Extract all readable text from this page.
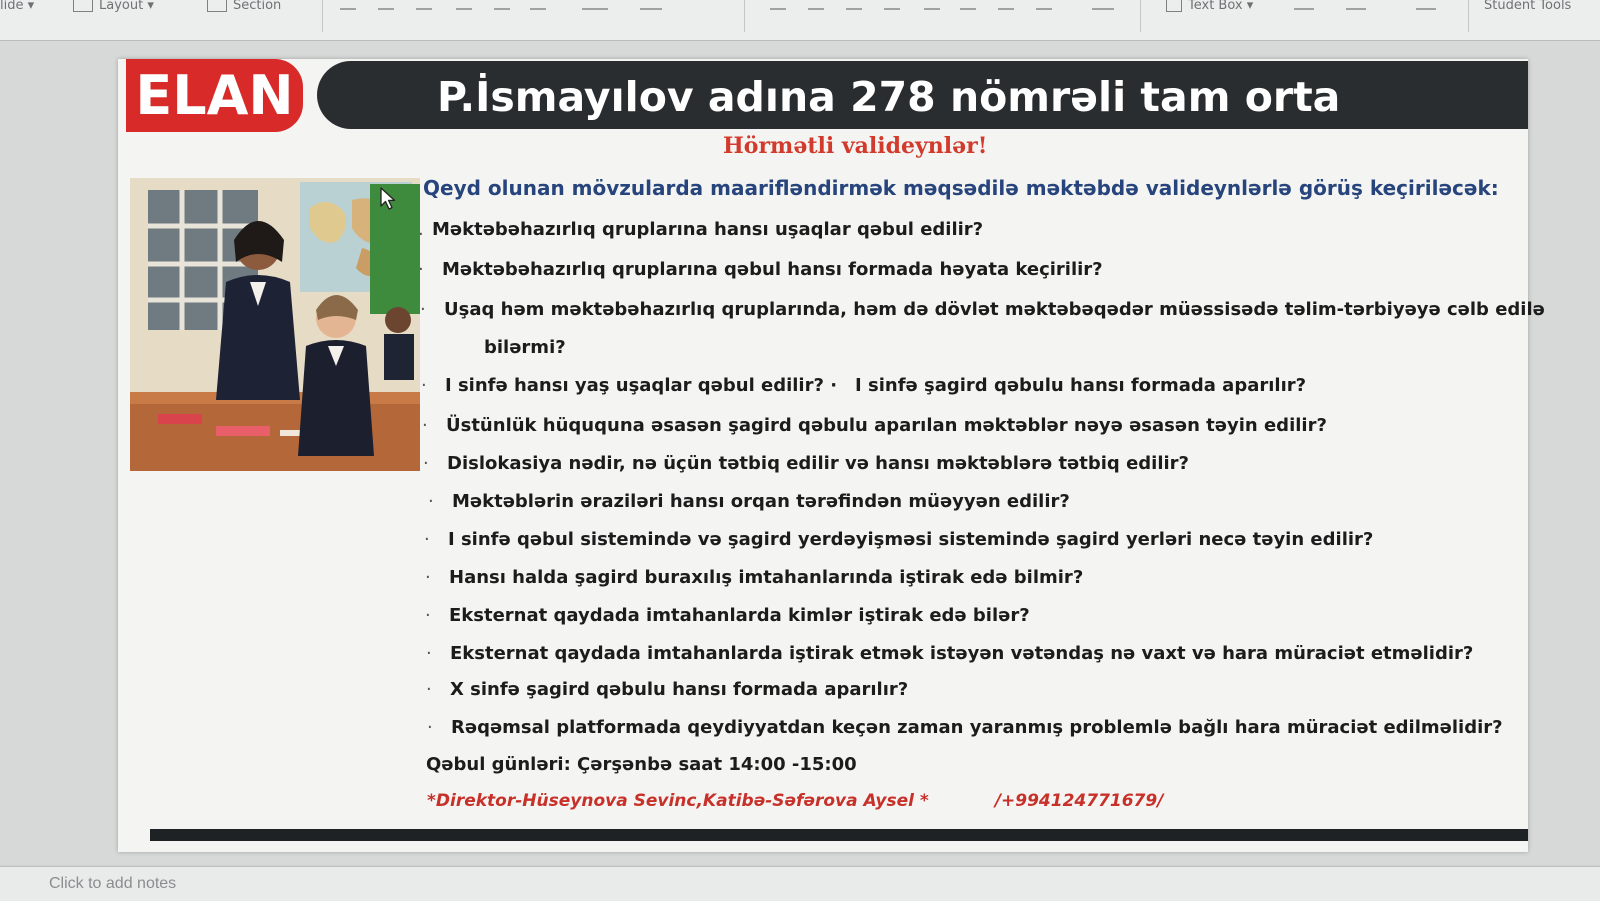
lide ▾	Layout ▾	Section	Text Box ▾	Student Tools
ELAN	P.İsmayılov adına 278 nömrəli tam orta
Hörmətli valideynlər!
Qeyd olunan mövzularda maarifləndirmək məqsədilə məktəbdə valideynlərlə görüş keçiriləcək:
. Məktəbəhazırlıq qruplarına hansı uşaqlar qəbul edilir?
· Məktəbəhazırlıq qruplarına qəbul hansı formada həyata keçirilir?
· Uşaq həm məktəbəhazırlıq qruplarında, həm də dövlət məktəbəqədər müəssisədə təlim-tərbiyəyə cəlb edilə
bilərmi?
· I sinfə hansı yaş uşaqlar qəbul edilir? · I sinfə şagird qəbulu hansı formada aparılır?
· Üstünlük hüququna əsasən şagird qəbulu aparılan məktəblər nəyə əsasən təyin edilir?
· Dislokasiya nədir, nə üçün tətbiq edilir və hansı məktəblərə tətbiq edilir?
· Məktəblərin əraziləri hansı orqan tərəfindən müəyyən edilir?
· I sinfə qəbul sistemində və şagird yerdəyişməsi sistemində şagird yerləri necə təyin edilir?
· Hansı halda şagird buraxılış imtahanlarında iştirak edə bilmir?
· Eksternat qaydada imtahanlarda kimlər iştirak edə bilər?
· Eksternat qaydada imtahanlarda iştirak etmək istəyən vətəndaş nə vaxt və hara müraciət etməlidir?
· X sinfə şagird qəbulu hansı formada aparılır?
· Rəqəmsal platformada qeydiyyatdan keçən zaman yaranmış problemlə bağlı hara müraciət edilməlidir?
Qəbul günləri: Çərşənbə saat 14:00 -15:00
*Direktor-Hüseynova Sevinc,Katibə-Səfərova Aysel *	/+994124771679/
Click to add notes
